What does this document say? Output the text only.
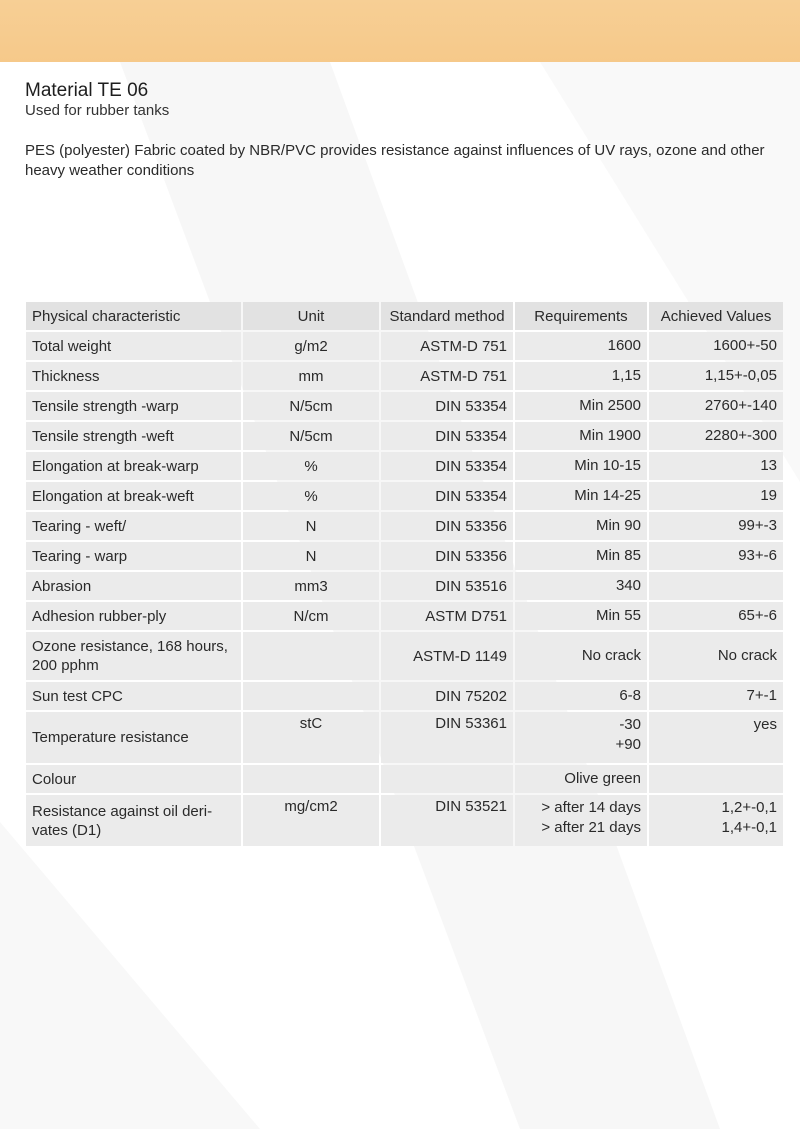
Material TE 06
Used for rubber tanks
PES (polyester) Fabric coated by NBR/PVC provides resistance against influences of UV rays, ozone and other heavy weather conditions
Physical characteristic	Unit	Standard method	Requirements	Achieved Values

Total weight	g/m2	ASTM-D 751	1600	1600+-50

Thickness	mm	ASTM-D 751	1,15	1,15+-0,05

Tensile strength -warp	N/5cm	DIN 53354	Min 2500	2760+-140

Tensile strength -weft	N/5cm	DIN 53354	Min 1900	2280+-300

Elongation at break-warp	%	DIN 53354	Min 10-15	13

Elongation at break-weft	%	DIN 53354	Min 14-25	19

Tearing - weft/	N	DIN 53356	Min 90	99+-3

Tearing - warp	N	DIN 53356	Min 85	93+-6

Abrasion	mm3	DIN 53516	340	

Adhesion rubber-ply	N/cm	ASTM D751	Min 55	65+-6

Ozone resistance, 168 hours,
200 pphm		ASTM-D 1149	No crack	No crack

Sun test CPC		DIN 75202	6-8	7+-1

Temperature resistance	stC	DIN 53361	-30
+90	yes

Colour			Olive green	

Resistance against oil deri-
vates (D1)	mg/cm2	DIN 53521	> after 14 days
> after 21 days	1,2+-0,1
1,4+-0,1
